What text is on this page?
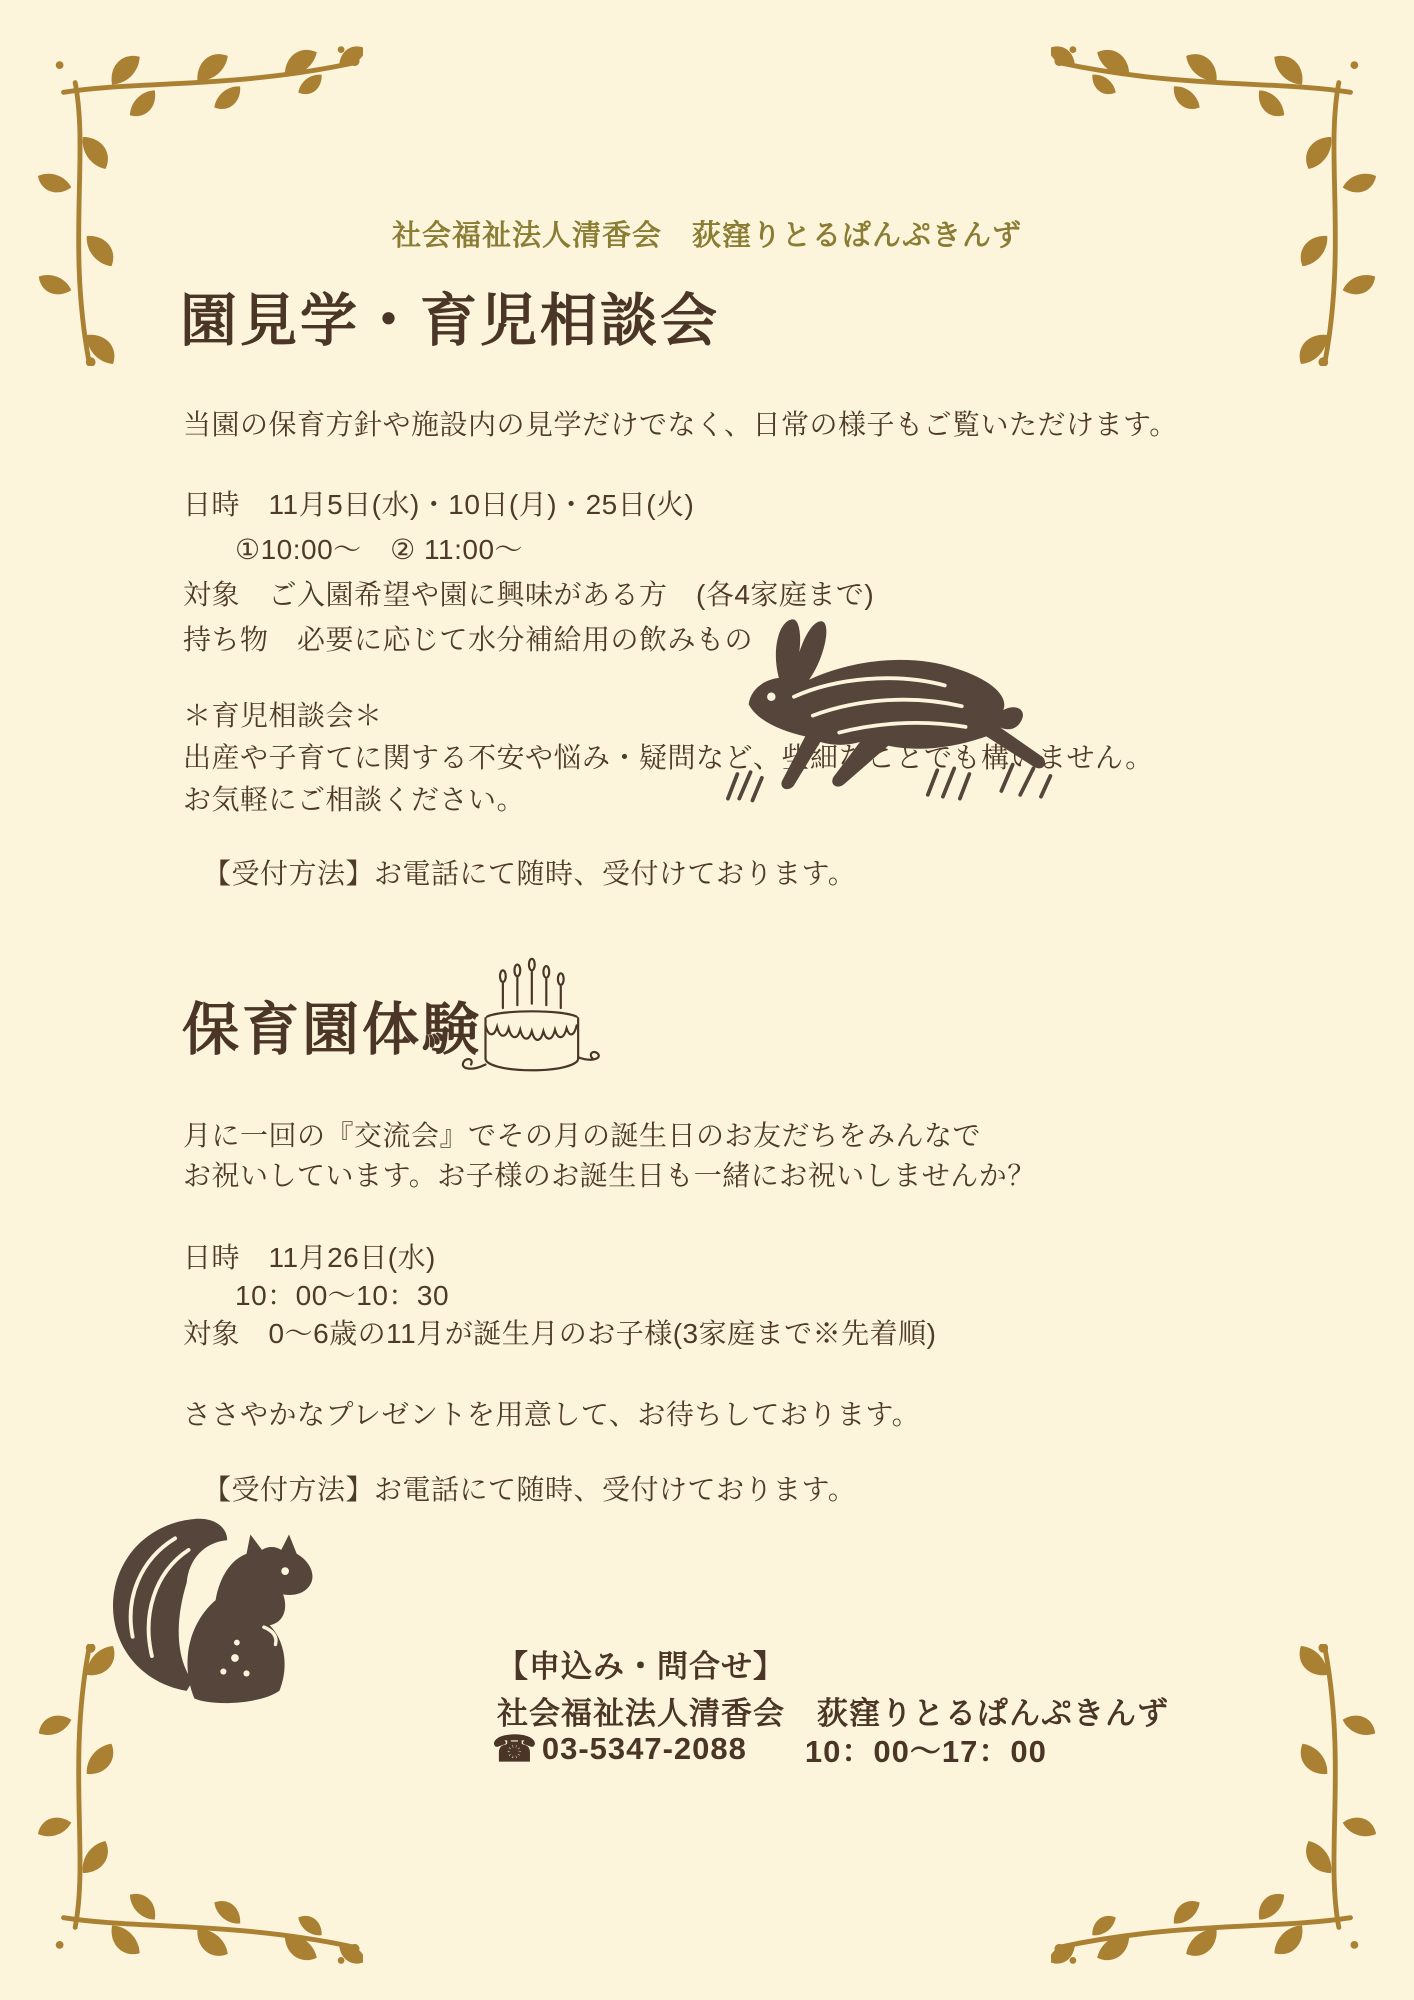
社会福祉法人清香会　荻窪りとるぱんぷきんず
園見学・育児相談会
当園の保育方針や施設内の見学だけでなく、日常の様子もご覧いただけます。
日時　11月5日(水)・10日(月)・25日(火)
①10:00～　② 11:00～
対象　ご入園希望や園に興味がある方　(各4家庭まで)
持ち物　必要に応じて水分補給用の飲みもの
＊育児相談会＊
出産や子育てに関する不安や悩み・疑問など、些細なことでも構いません。
お気軽にご相談ください。
【受付方法】お電話にて随時、受付けております。
保育園体験
月に一回の『交流会』でその月の誕生日のお友だちをみんなで
お祝いしています。お子様のお誕生日も一緒にお祝いしませんか？
日時　11月26日(水)
10：00～10：30
対象　0～6歳の11月が誕生月のお子様(3家庭まで※先着順)
ささやかなプレゼントを用意して、お待ちしております。
【受付方法】お電話にて随時、受付けております。
【申込み・問合せ】
社会福祉法人清香会　荻窪りとるぱんぷきんず
☎ 03-5347-2088 10：00～17：00
